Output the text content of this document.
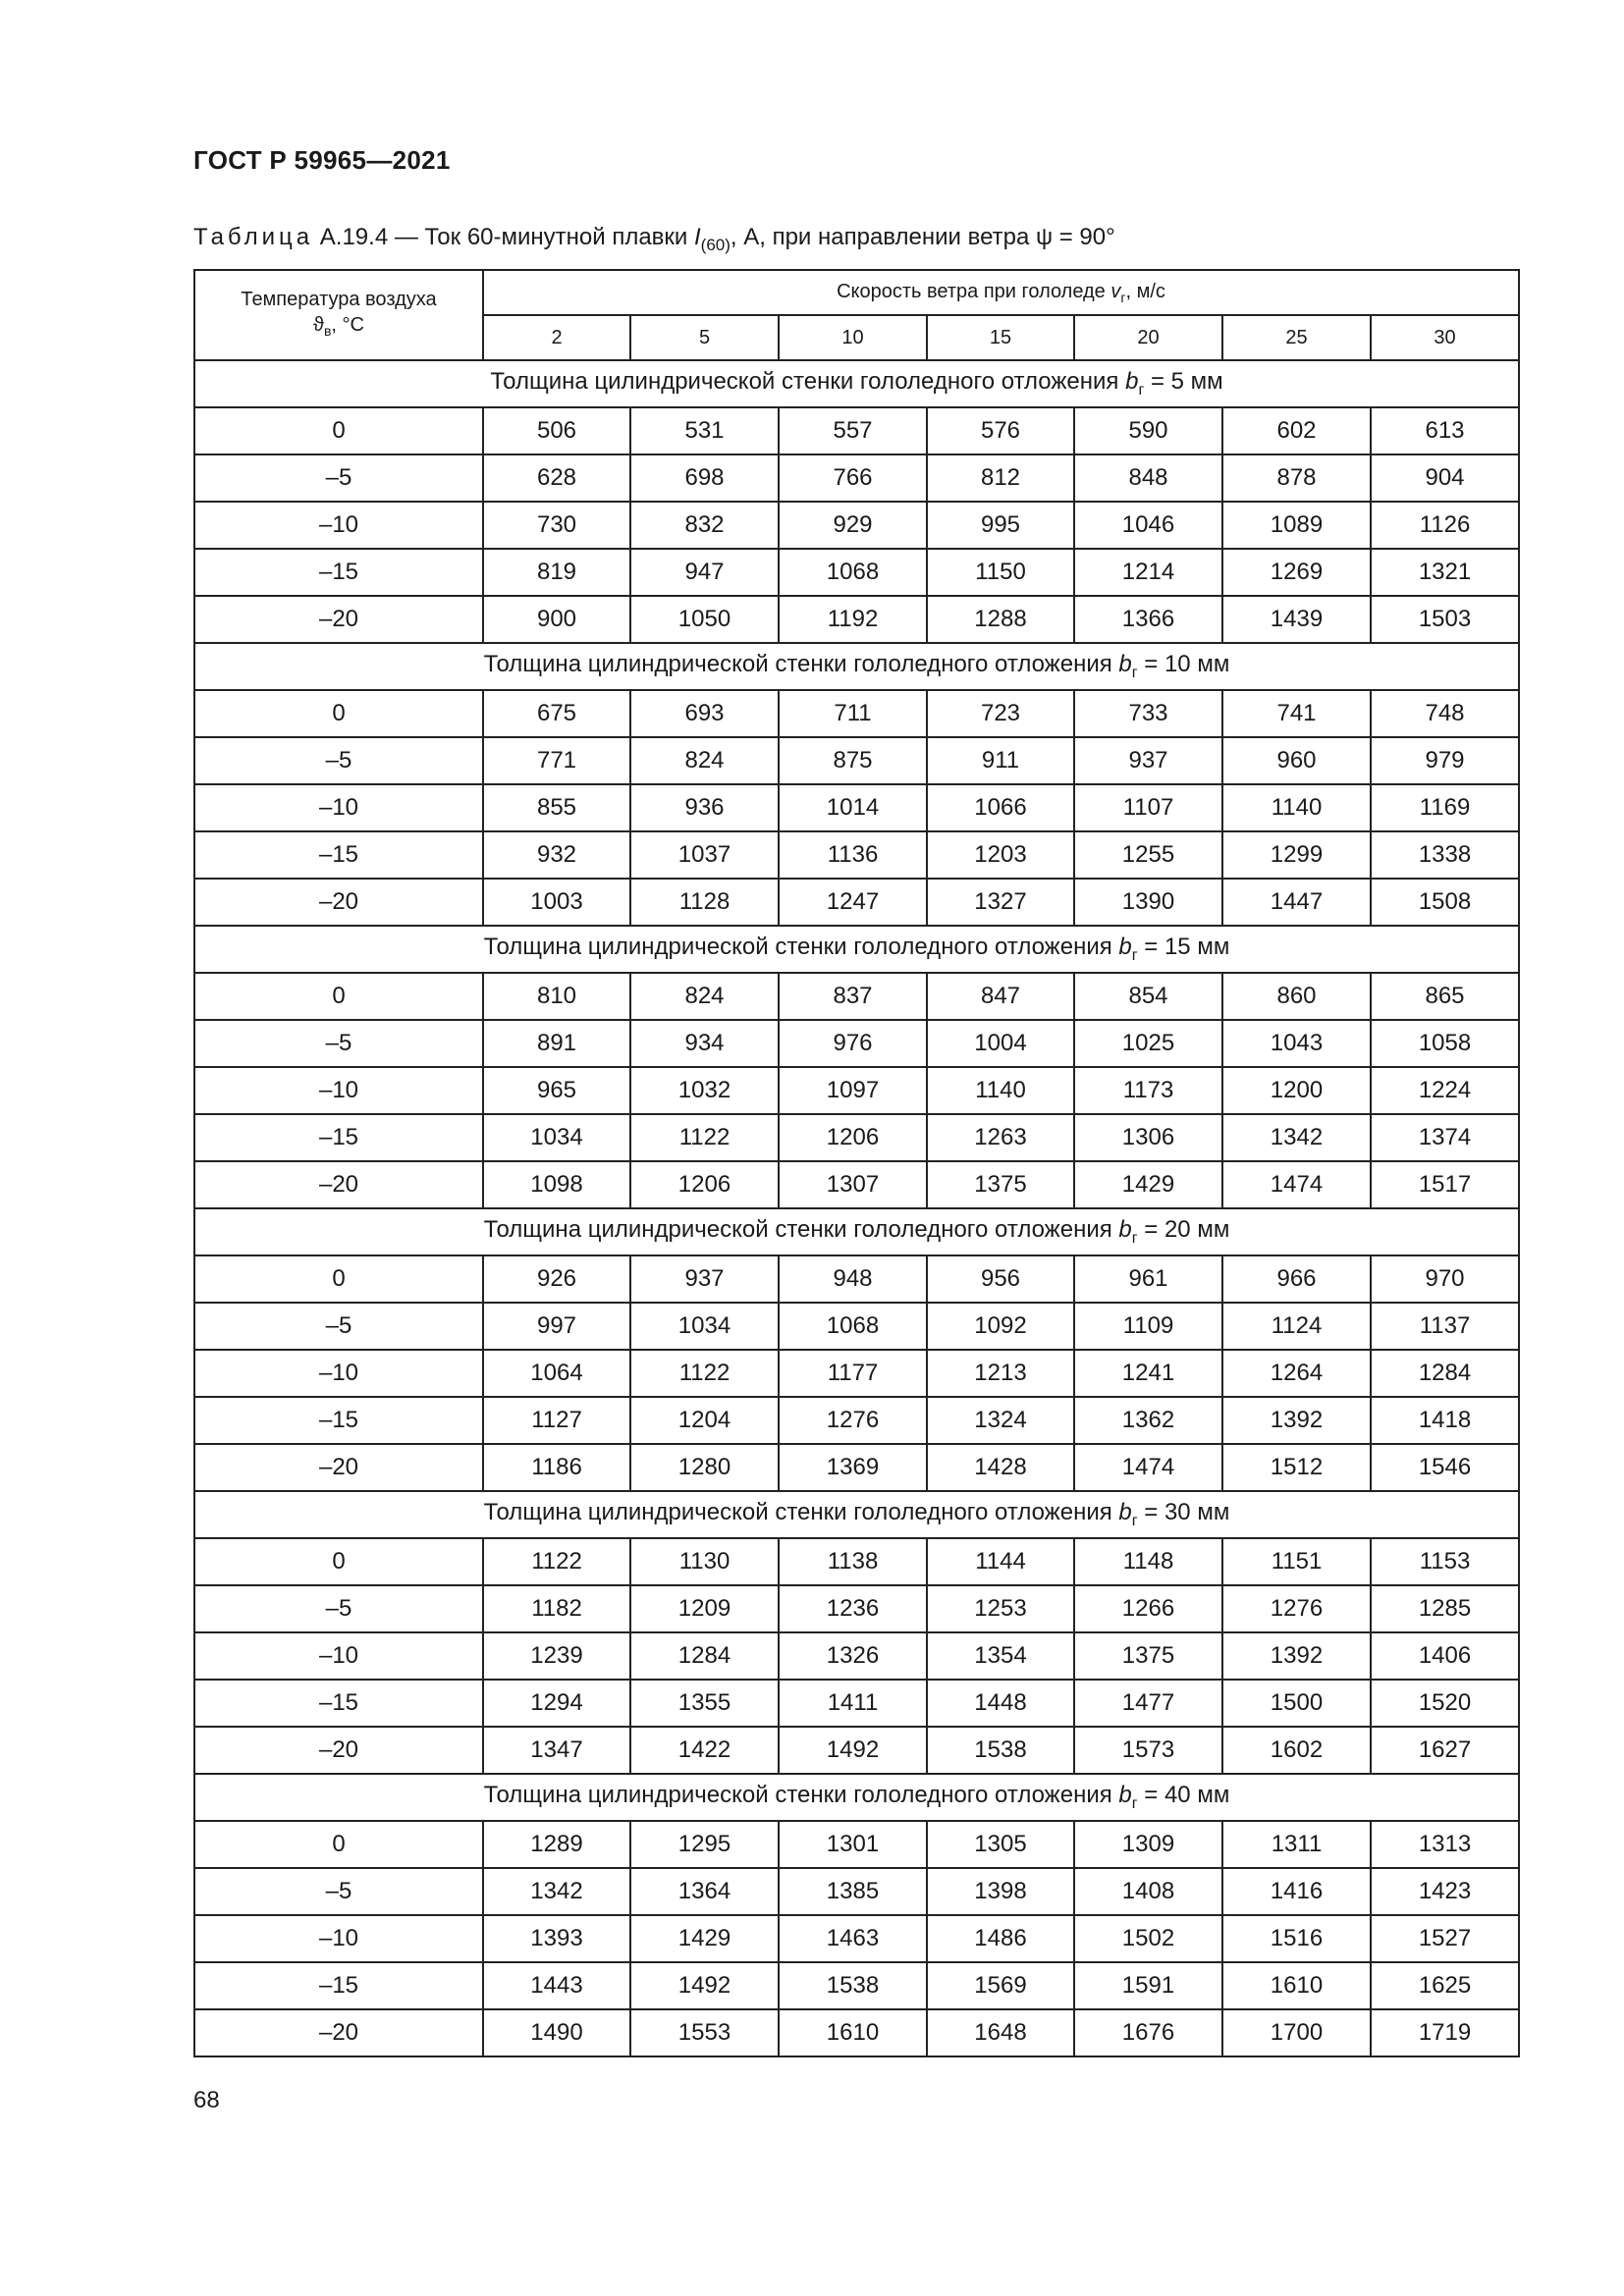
ГОСТ Р 59965—2021
Таблица А.19.4 — Ток 60-минутной плавки $I_{(60)}$, А, при направлении ветра ψ = 90°
Температура воздуха
$ϑ_в$, °C	Скорость ветра при гололеде $v_г$, м/с						
	2	5	10	15	20	25	30
Толщина цилиндрической стенки гололедного отложения $b_г = 5$ мм							
0	506	531	557	576	590	602	613
–5	628	698	766	812	848	878	904
–10	730	832	929	995	1046	1089	1126
–15	819	947	1068	1150	1214	1269	1321
–20	900	1050	1192	1288	1366	1439	1503
Толщина цилиндрической стенки гололедного отложения $b_г = 10$ мм							
0	675	693	711	723	733	741	748
–5	771	824	875	911	937	960	979
–10	855	936	1014	1066	1107	1140	1169
–15	932	1037	1136	1203	1255	1299	1338
–20	1003	1128	1247	1327	1390	1447	1508
Толщина цилиндрической стенки гололедного отложения $b_г = 15$ мм							
0	810	824	837	847	854	860	865
–5	891	934	976	1004	1025	1043	1058
–10	965	1032	1097	1140	1173	1200	1224
–15	1034	1122	1206	1263	1306	1342	1374
–20	1098	1206	1307	1375	1429	1474	1517
Толщина цилиндрической стенки гололедного отложения $b_г = 20$ мм							
0	926	937	948	956	961	966	970
–5	997	1034	1068	1092	1109	1124	1137
–10	1064	1122	1177	1213	1241	1264	1284
–15	1127	1204	1276	1324	1362	1392	1418
–20	1186	1280	1369	1428	1474	1512	1546
Толщина цилиндрической стенки гололедного отложения $b_г = 30$ мм							
0	1122	1130	1138	1144	1148	1151	1153
–5	1182	1209	1236	1253	1266	1276	1285
–10	1239	1284	1326	1354	1375	1392	1406
–15	1294	1355	1411	1448	1477	1500	1520
–20	1347	1422	1492	1538	1573	1602	1627
Толщина цилиндрической стенки гололедного отложения $b_г = 40$ мм							
0	1289	1295	1301	1305	1309	1311	1313
–5	1342	1364	1385	1398	1408	1416	1423
–10	1393	1429	1463	1486	1502	1516	1527
–15	1443	1492	1538	1569	1591	1610	1625
–20	1490	1553	1610	1648	1676	1700	1719
68
